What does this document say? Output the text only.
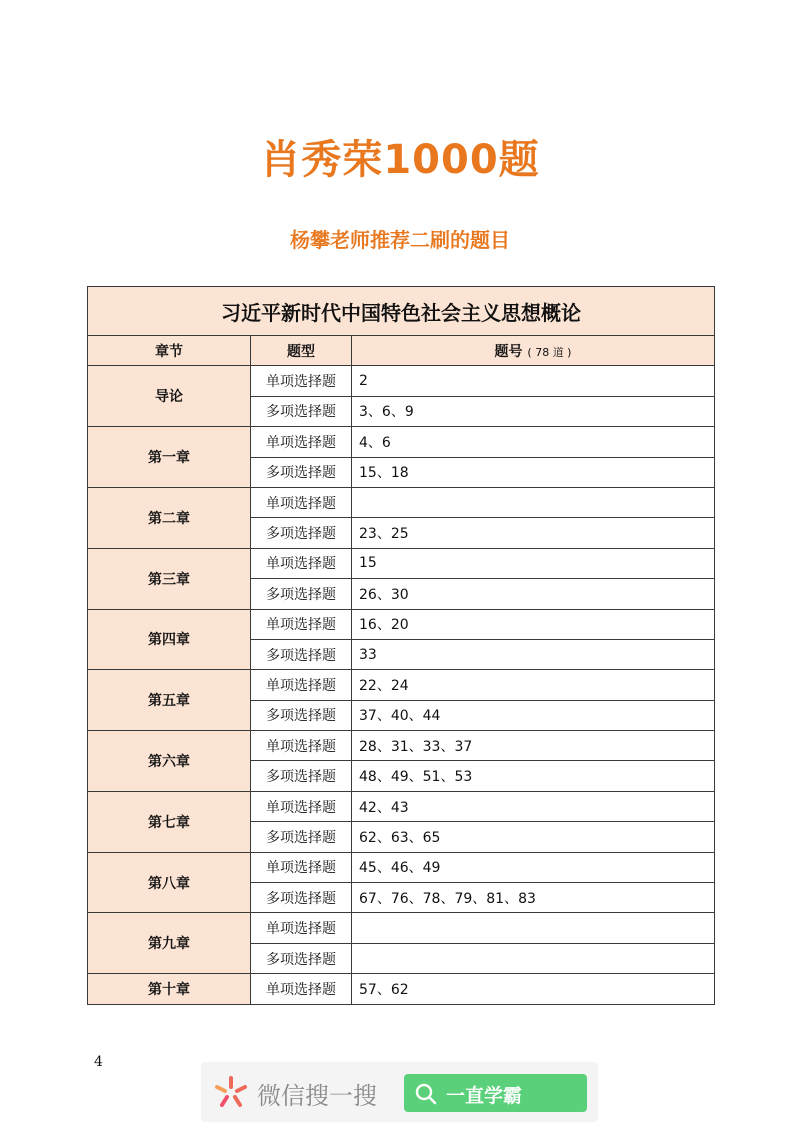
肖秀荣1000题
杨攀老师推荐二刷的题目
习近平新时代中国特色社会主义思想概论		
章节	题型	题号 ( 78 道 )
导论	单项选择题	2
	多项选择题	3、6、9
第一章	单项选择题	4、6
	多项选择题	15、18
第二章	单项选择题	
	多项选择题	23、25
第三章	单项选择题	15
	多项选择题	26、30
第四章	单项选择题	16、20
	多项选择题	33
第五章	单项选择题	22、24
	多项选择题	37、40、44
第六章	单项选择题	28、31、33、37
	多项选择题	48、49、51、53
第七章	单项选择题	42、43
	多项选择题	62、63、65
第八章	单项选择题	45、46、49
	多项选择题	67、76、78、79、81、83
第九章	单项选择题	
	多项选择题	
第十章	单项选择题	57、62
4
微信搜一搜	一直学霸
